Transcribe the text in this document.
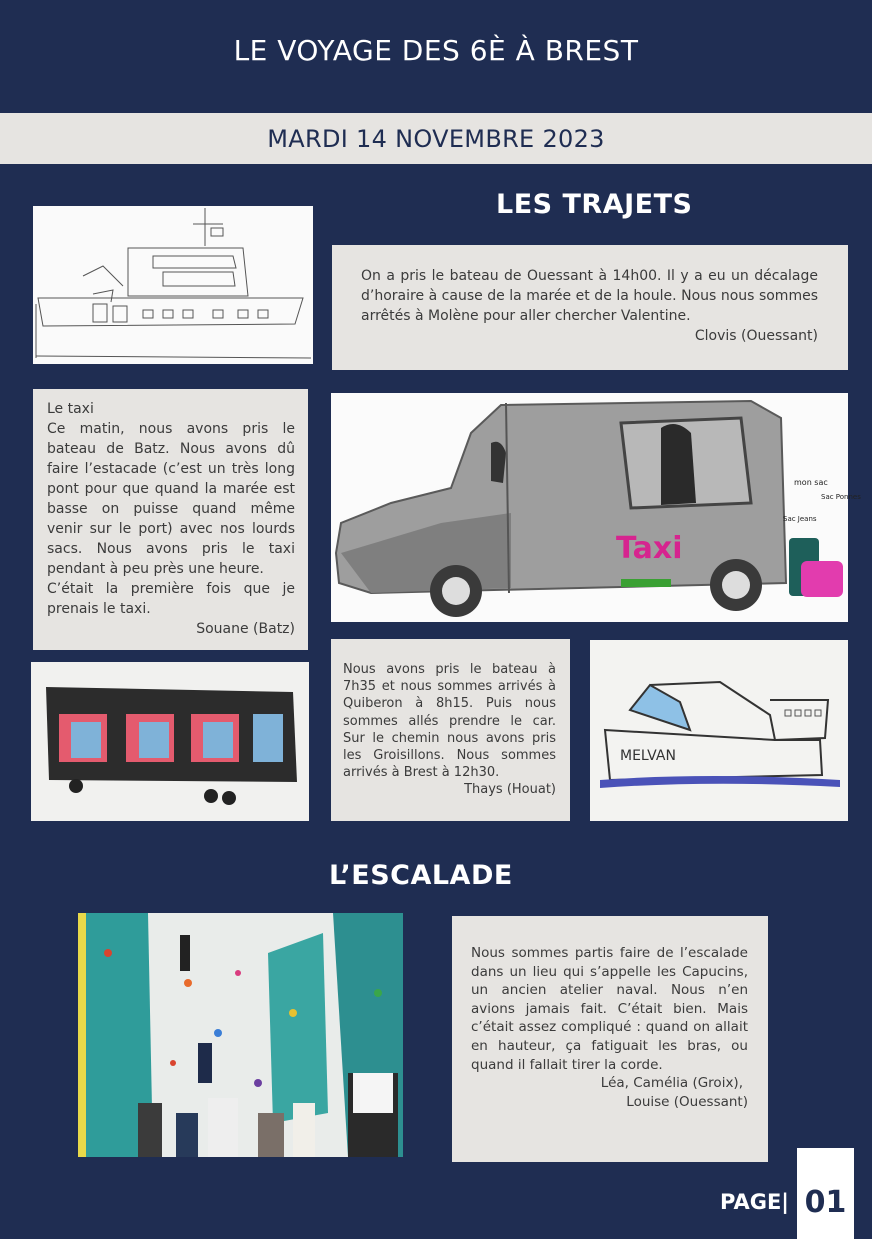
LE VOYAGE DES 6È À BREST
MARDI 14 NOVEMBRE 2023
LES TRAJETS

On a pris le bateau de Ouessant à 14h00. Il y a eu un décalage d’horaire à cause de la marée et de la houle. Nous nous sommes arrêtés à Molène pour aller chercher Valentine.

Clovis (Ouessant)

Le taxi

Ce matin, nous avons pris le bateau de Batz. Nous avons dû faire l’estacade (c’est un très long pont pour que quand la marée est basse on puisse quand même venir sur le port) avec nos lourds sacs. Nous avons pris le taxi pendant à peu près une heure.

C’était la première fois que je prenais le taxi.

Souane (Batz)

Taxi
mon sac
Sac Jeans
Sac Ponnes

Nous avons pris le bateau à 7h35 et nous sommes arrivés à Quiberon à 8h15. Puis nous sommes allés prendre le car. Sur le chemin nous avons pris les Groisillons. Nous sommes arrivés à Brest à 12h30.

Thays (Houat)

MELVAN
L’ESCALADE

Nous sommes partis faire de l’escalade dans un lieu qui s’appelle les Capucins, un ancien atelier naval. Nous n’en avions jamais fait. C’était bien. Mais c’était assez compliqué : quand on allait en hauteur, ça fatiguait les bras, ou quand il fallait tirer la corde.

Léa, Camélia (Groix),

Louise (Ouessant)

PAGE| 01
